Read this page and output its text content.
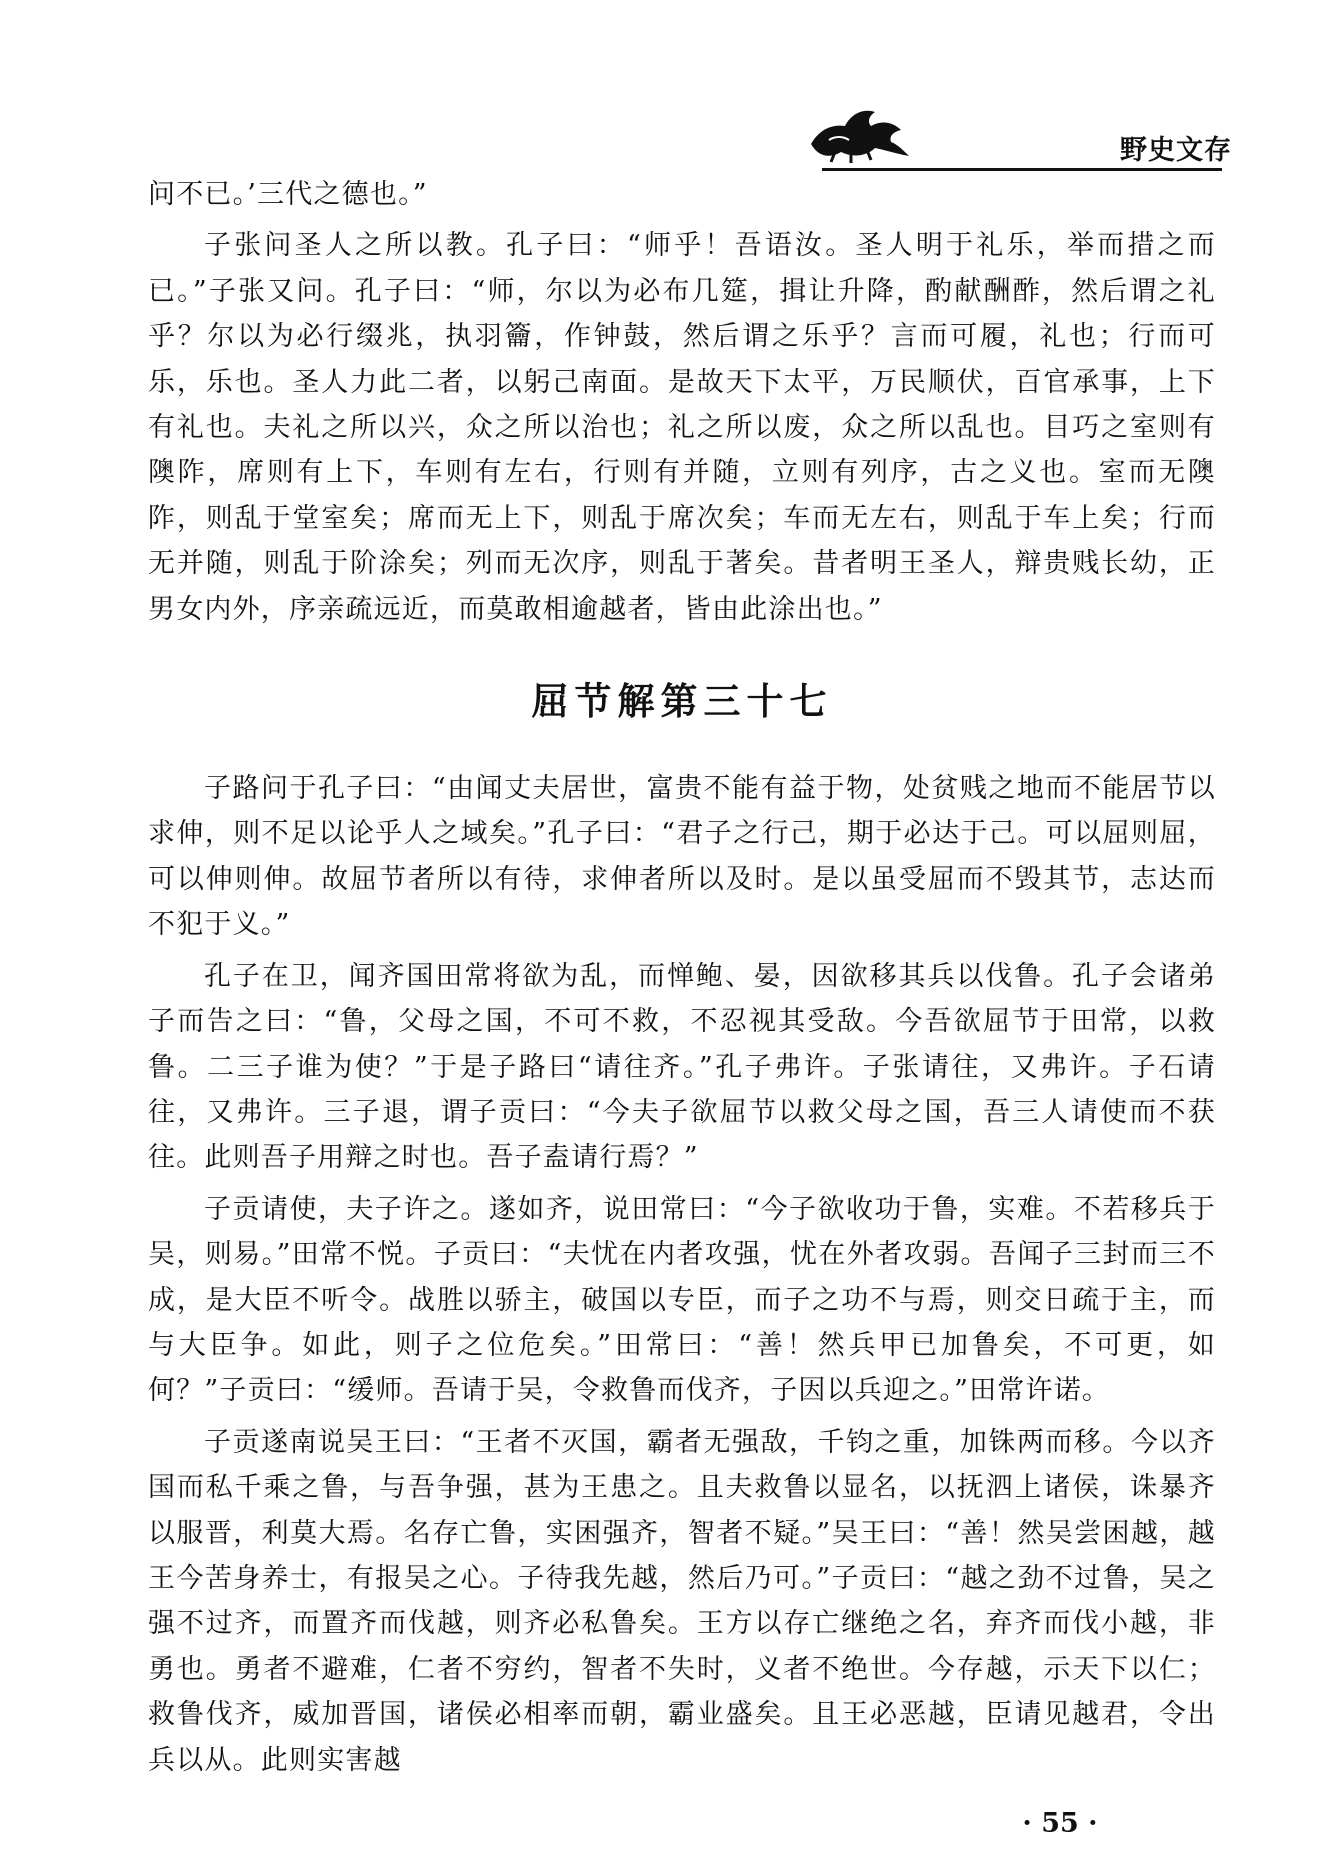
野史文存

问不已。’三代之德也。”

子张问圣人之所以教。孔子曰：“师乎！吾语汝。圣人明于礼乐，举而措之而已。”子张又问。孔子曰：“师，尔以为必布几筵，揖让升降，酌献酬酢，然后谓之礼乎？尔以为必行缀兆，执羽籥，作钟鼓，然后谓之乐乎？言而可履，礼也；行而可乐，乐也。圣人力此二者，以躬己南面。是故天下太平，万民顺伏，百官承事，上下有礼也。夫礼之所以兴，众之所以治也；礼之所以废，众之所以乱也。目巧之室则有隩阼，席则有上下，车则有左右，行则有并随，立则有列序，古之义也。室而无隩阼，则乱于堂室矣；席而无上下，则乱于席次矣；车而无左右，则乱于车上矣；行而无并随，则乱于阶涂矣；列而无次序，则乱于著矣。昔者明王圣人，辩贵贱长幼，正男女内外，序亲疏远近，而莫敢相逾越者，皆由此涂出也。”

屈节解第三十七

子路问于孔子曰：“由闻丈夫居世，富贵不能有益于物，处贫贱之地而不能居节以求伸，则不足以论乎人之域矣。”孔子曰：“君子之行己，期于必达于己。可以屈则屈，可以伸则伸。故屈节者所以有待，求伸者所以及时。是以虽受屈而不毁其节，志达而不犯于义。”

孔子在卫，闻齐国田常将欲为乱，而惮鲍、晏，因欲移其兵以伐鲁。孔子会诸弟子而告之曰：“鲁，父母之国，不可不救，不忍视其受敌。今吾欲屈节于田常，以救鲁。二三子谁为使？”于是子路曰“请往齐。”孔子弗许。子张请往，又弗许。子石请往，又弗许。三子退，谓子贡曰：“今夫子欲屈节以救父母之国，吾三人请使而不获往。此则吾子用辩之时也。吾子盍请行焉？”

子贡请使，夫子许之。遂如齐，说田常曰：“今子欲收功于鲁，实难。不若移兵于吴，则易。”田常不悦。子贡曰：“夫忧在内者攻强，忧在外者攻弱。吾闻子三封而三不成，是大臣不听令。战胜以骄主，破国以专臣，而子之功不与焉，则交日疏于主，而与大臣争。如此，则子之位危矣。”田常曰：“善！然兵甲已加鲁矣，不可更，如何？”子贡曰：“缓师。吾请于吴，令救鲁而伐齐，子因以兵迎之。”田常许诺。

子贡遂南说吴王曰：“王者不灭国，霸者无强敌，千钧之重，加铢两而移。今以齐国而私千乘之鲁，与吾争强，甚为王患之。且夫救鲁以显名，以抚泗上诸侯，诛暴齐以服晋，利莫大焉。名存亡鲁，实困强齐，智者不疑。”吴王曰：“善！然吴尝困越，越王今苦身养士，有报吴之心。子待我先越，然后乃可。”子贡曰：“越之劲不过鲁，吴之强不过齐，而置齐而伐越，则齐必私鲁矣。王方以存亡继绝之名，弃齐而伐小越，非勇也。勇者不避难，仁者不穷约，智者不失时，义者不绝世。今存越，示天下以仁；救鲁伐齐，威加晋国，诸侯必相率而朝，霸业盛矣。且王必恶越，臣请见越君，令出兵以从。此则实害越

· 55 ·
